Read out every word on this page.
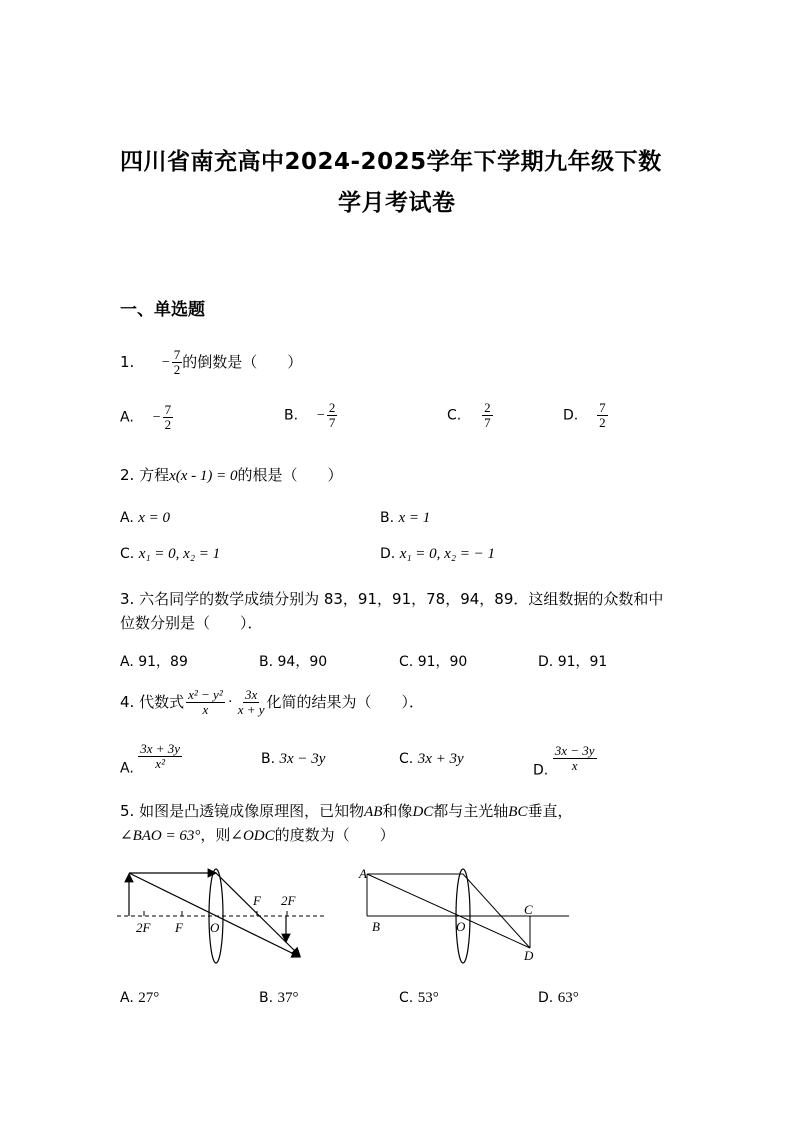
四川省南充高中2024-2025学年下学期九年级下数
学月考试卷
一、单选题
1. − $\frac{7}{2}$ 的倒数是（　　）
A. − $\frac{7}{2}$	B. − $\frac{2}{7}$	C. $\frac{2}{7}$	D. $\frac{7}{2}$
2. 方程x(x - 1) = 0的根是（　　）
A. x = 0	B. x = 1
C. x₁ = 0, x₂ = 1	D. x₁ = 0, x₂ = − 1
3. 六名同学的数学成绩分别为 83，91，91，78，94，89．这组数据的众数和中
位数分别是（　　）．
A. 91，89	B. 94，90	C. 91，90	D. 91，91
4. 代数式 $\frac{\text{x² − y²}}{x} \cdot \frac{3x}{x + y}$ 化简的结果为（　　）．
A. $\frac{3x + 3y}{\text{x²}}$	B. 3x − 3y	C. 3x + 3y
D. $\frac{3x - 3y}{x}$
5. 如图是凸透镜成像原理图，已知物AB和像DC都与主光轴BC垂直，
∠BAO = 63°，则∠ODC的度数为（　　）
2F F O
F 2F
A
B	O
C
D
A. 27°	B. 37°	C. 53°	D. 63°
